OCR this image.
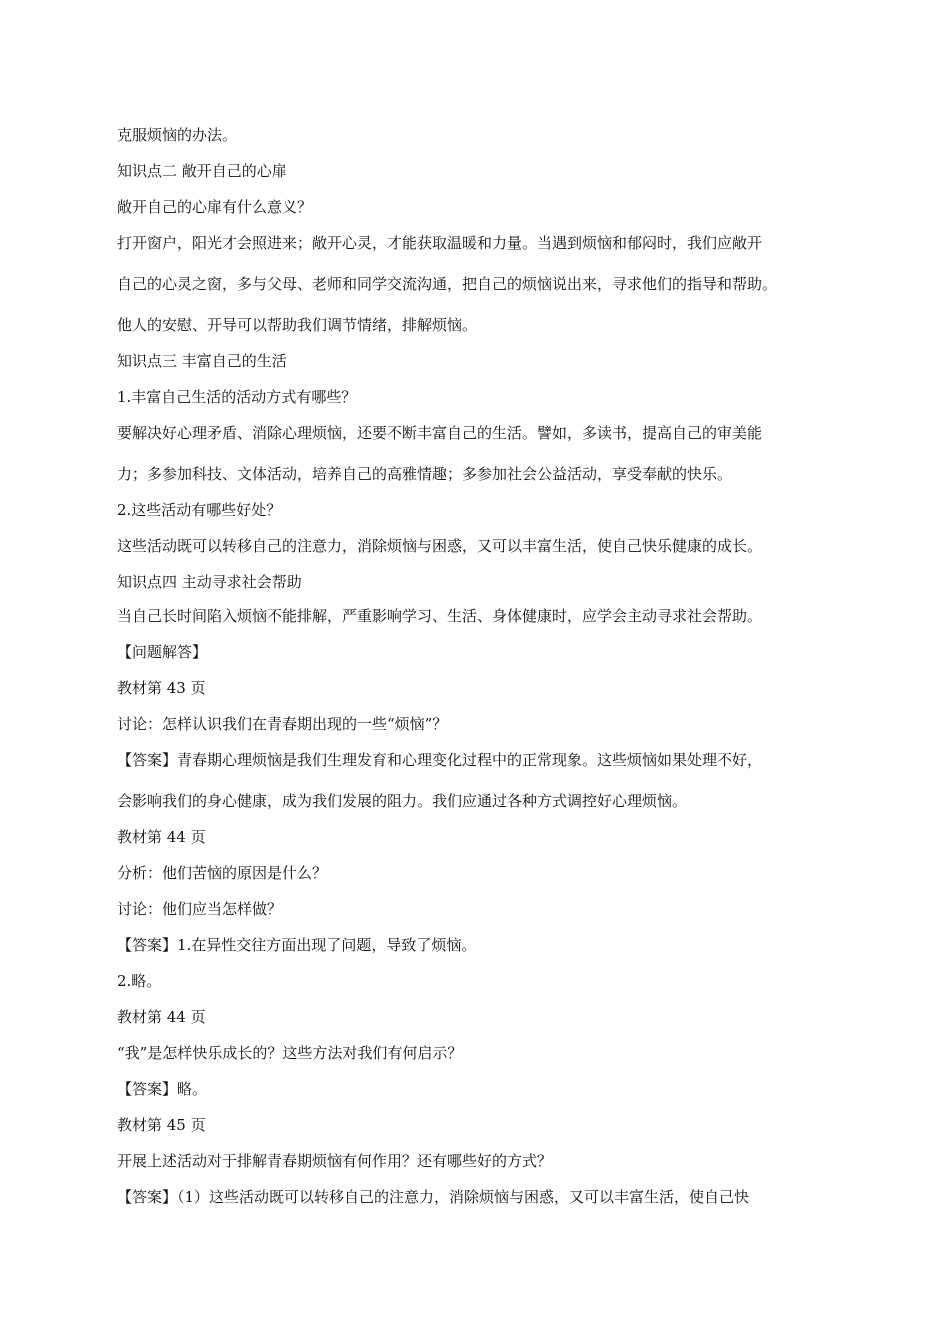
克服烦恼的办法。
知识点二 敞开自己的心扉
敞开自己的心扉有什么意义？
打开窗户，阳光才会照进来；敞开心灵，才能获取温暖和力量。当遇到烦恼和郁闷时，我们应敞开
自己的心灵之窗，多与父母、老师和同学交流沟通，把自己的烦恼说出来，寻求他们的指导和帮助。
他人的安慰、开导可以帮助我们调节情绪，排解烦恼。
知识点三 丰富自己的生活
1.丰富自己生活的活动方式有哪些？
要解决好心理矛盾、消除心理烦恼，还要不断丰富自己的生活。譬如，多读书，提高自己的审美能
力；多参加科技、文体活动，培养自己的高雅情趣；多参加社会公益活动，享受奉献的快乐。
2.这些活动有哪些好处？
这些活动既可以转移自己的注意力，消除烦恼与困惑，又可以丰富生活，使自己快乐健康的成长。
知识点四 主动寻求社会帮助
当自己长时间陷入烦恼不能排解，严重影响学习、生活、身体健康时，应学会主动寻求社会帮助。
【问题解答】
教材第 43 页
讨论：怎样认识我们在青春期出现的一些“烦恼”？
【答案】青春期心理烦恼是我们生理发育和心理变化过程中的正常现象。这些烦恼如果处理不好，
会影响我们的身心健康，成为我们发展的阻力。我们应通过各种方式调控好心理烦恼。
教材第 44 页
分析：他们苦恼的原因是什么？
讨论：他们应当怎样做？
【答案】1.在异性交往方面出现了问题，导致了烦恼。
2.略。
教材第 44 页
“我”是怎样快乐成长的？这些方法对我们有何启示？
【答案】略。
教材第 45 页
开展上述活动对于排解青春期烦恼有何作用？还有哪些好的方式？
【答案】（1）这些活动既可以转移自己的注意力，消除烦恼与困惑，又可以丰富生活，使自己快
